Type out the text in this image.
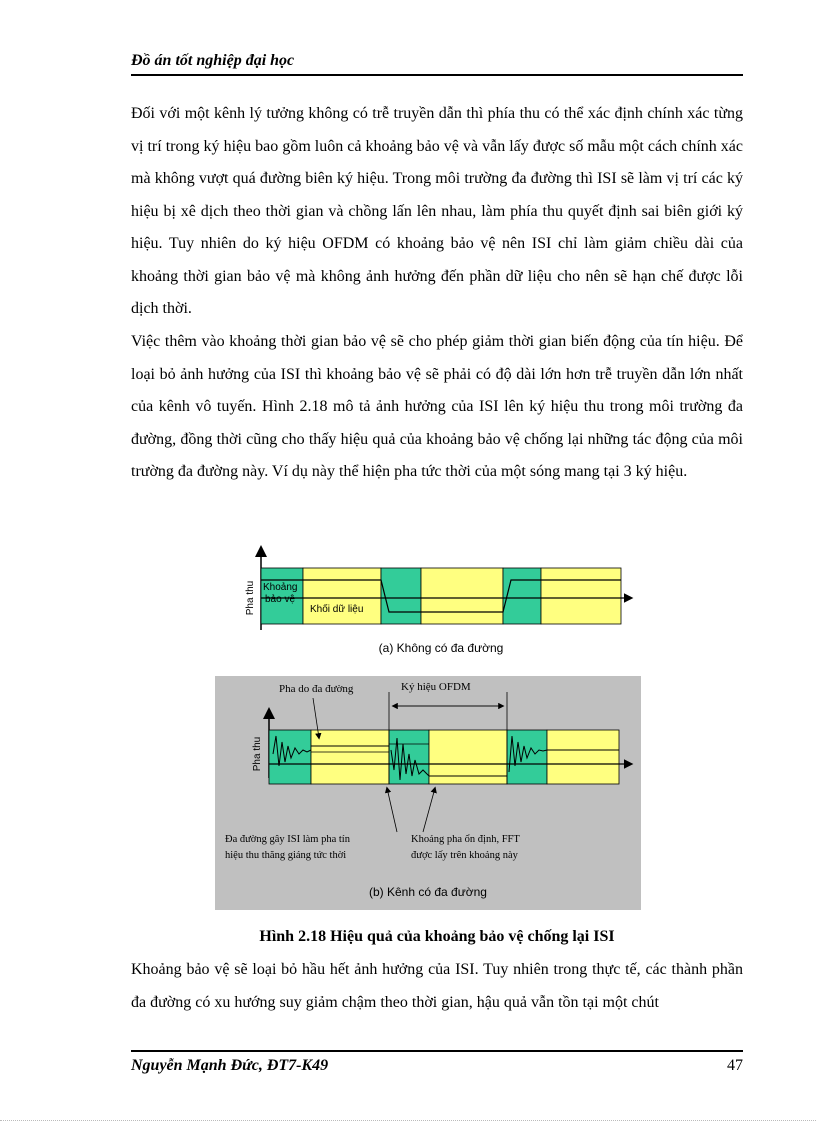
Đồ án tốt nghiệp đại học

Đối với một kênh lý tưởng không có trễ truyền dẫn thì phía thu có thể xác định chính xác từng vị trí trong ký hiệu bao gồm luôn cả khoảng bảo vệ và vẫn lấy được số mẫu một cách chính xác mà không vượt quá đường biên ký hiệu. Trong môi trường đa đường thì ISI sẽ làm vị trí các ký hiệu bị xê dịch theo thời gian và chồng lấn lên nhau, làm phía thu quyết định sai biên giới ký hiệu. Tuy nhiên do ký hiệu OFDM có khoảng bảo vệ nên ISI chỉ làm giảm chiều dài của khoảng thời gian bảo vệ mà không ảnh hưởng đến phần dữ liệu cho nên sẽ hạn chế được lỗi dịch thời.

Việc thêm vào khoảng thời gian bảo vệ sẽ cho phép giảm thời gian biến động của tín hiệu. Để loại bỏ ảnh hưởng của ISI thì khoảng bảo vệ sẽ phải có độ dài lớn hơn trễ truyền dẫn lớn nhất của kênh vô tuyến. Hình 2.18 mô tả ảnh hưởng của ISI lên ký hiệu thu trong môi trường đa đường, đồng thời cũng cho thấy hiệu quả của khoảng bảo vệ chống lại những tác động của môi trường đa đường này. Ví dụ này thể hiện pha tức thời của một sóng mang tại 3 ký hiệu.

Pha thu Khoảng
bảo vệ
Khối dữ liệu
(a) Không có đa đường
Pha thu
Pha do đa đường	Ký hiệu OFDM
Đa đường gây ISI làm pha tín
hiệu thu thăng giáng tức thời
Khoảng pha ổn định, FFT
được lấy trên khoảng này
(b) Kênh có đa đường
Hình 2.18 Hiệu quả của khoảng bảo vệ chống lại ISI

Khoảng bảo vệ sẽ loại bỏ hầu hết ảnh hưởng của ISI. Tuy nhiên trong thực tế, các thành phần đa đường có xu hướng suy giảm chậm theo thời gian, hậu quả vẫn tồn tại một chút

Nguyễn Mạnh Đức, ĐT7-K49	47
